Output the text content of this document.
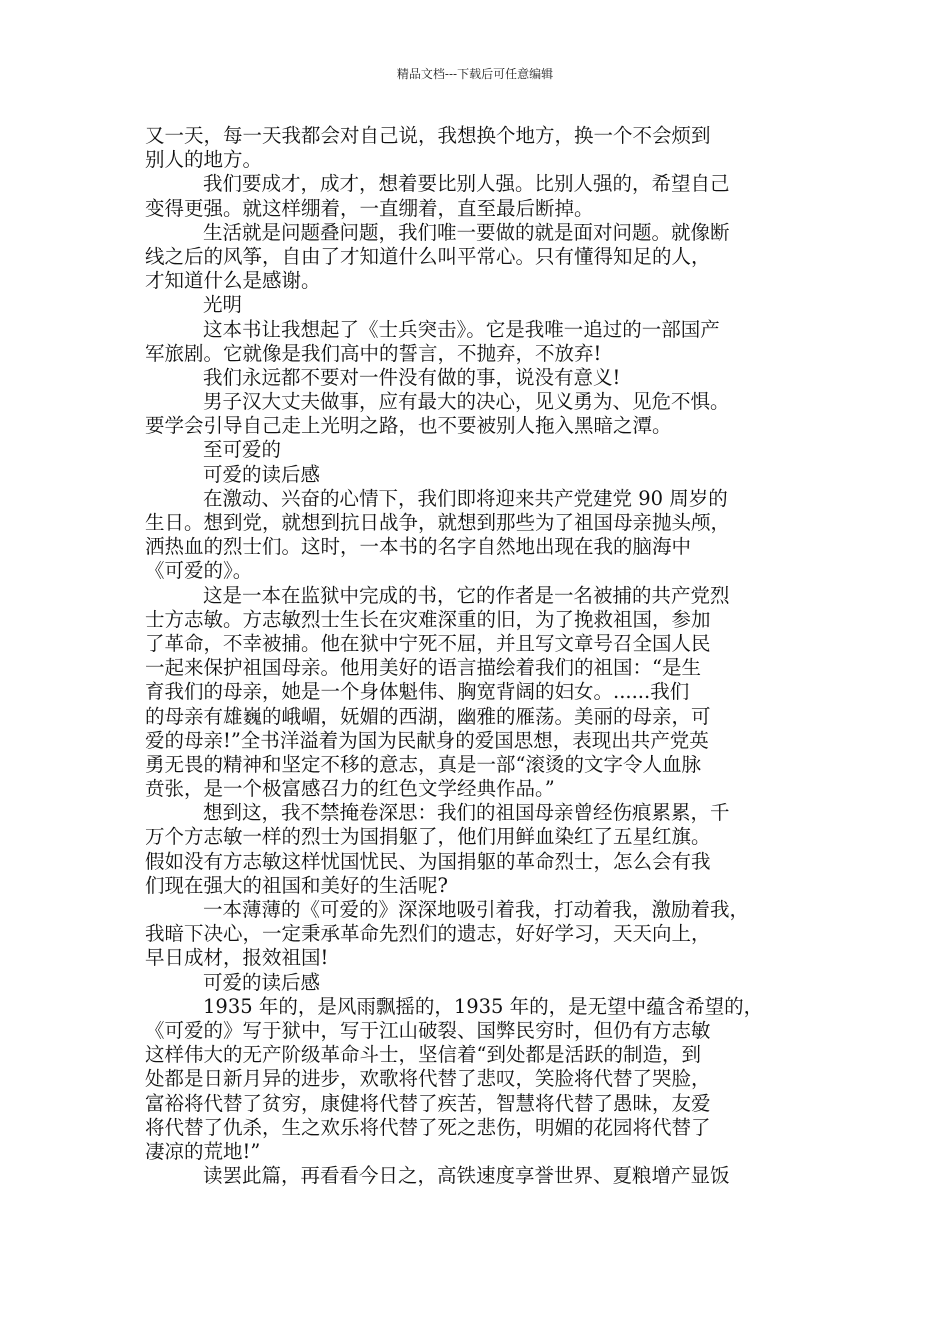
精品文档---下载后可任意编辑

又一天，每一天我都会对自己说，我想换个地方，换一个不会烦到

别人的地方。

我们要成才，成才，想着要比别人强。比别人强的，希望自己

变得更强。就这样绷着，一直绷着，直至最后断掉。

生活就是问题叠问题，我们唯一要做的就是面对问题。就像断

线之后的风筝，自由了才知道什么叫平常心。只有懂得知足的人，

才知道什么是感谢。

光明

这本书让我想起了《士兵突击》。它是我唯一追过的一部国产

军旅剧。它就像是我们高中的誓言，不抛弃，不放弃!

我们永远都不要对一件没有做的事，说没有意义!

男子汉大丈夫做事，应有最大的决心，见义勇为、见危不惧。

要学会引导自己走上光明之路，也不要被别人拖入黑暗之潭。

至可爱的

可爱的读后感

在激动、兴奋的心情下，我们即将迎来共产党建党 90 周岁的

生日。想到党，就想到抗日战争，就想到那些为了祖国母亲抛头颅，

洒热血的烈士们。这时，一本书的名字自然地出现在我的脑海中

《可爱的》。

这是一本在监狱中完成的书，它的作者是一名被捕的共产党烈

士方志敏。方志敏烈士生长在灾难深重的旧，为了挽救祖国，参加

了革命，不幸被捕。他在狱中宁死不屈，并且写文章号召全国人民

一起来保护祖国母亲。他用美好的语言描绘着我们的祖国：“是生

育我们的母亲，她是一个身体魁伟、胸宽背阔的妇女。......我们

的母亲有雄巍的峨嵋，妩媚的西湖，幽雅的雁荡。美丽的母亲，可

爱的母亲!”全书洋溢着为国为民献身的爱国思想，表现出共产党英

勇无畏的精神和坚定不移的意志，真是一部“滚烫的文字令人血脉

贲张，是一个极富感召力的红色文学经典作品。”

想到这，我不禁掩卷深思：我们的祖国母亲曾经伤痕累累，千

万个方志敏一样的烈士为国捐躯了，他们用鲜血染红了五星红旗。

假如没有方志敏这样忧国忧民、为国捐躯的革命烈士，怎么会有我

们现在强大的祖国和美好的生活呢?

一本薄薄的《可爱的》深深地吸引着我，打动着我，激励着我，

我暗下决心，一定秉承革命先烈们的遗志，好好学习，天天向上，

早日成材，报效祖国!

可爱的读后感

1935 年的，是风雨飘摇的，1935 年的，是无望中蕴含希望的，

《可爱的》写于狱中，写于江山破裂、国弊民穷时，但仍有方志敏

这样伟大的无产阶级革命斗士，坚信着“到处都是活跃的制造，到

处都是日新月异的进步，欢歌将代替了悲叹，笑脸将代替了哭脸，

富裕将代替了贫穷，康健将代替了疾苦，智慧将代替了愚昧，友爱

将代替了仇杀，生之欢乐将代替了死之悲伤，明媚的花园将代替了

凄凉的荒地!”

读罢此篇，再看看今日之，高铁速度享誉世界、夏粮增产显饭
